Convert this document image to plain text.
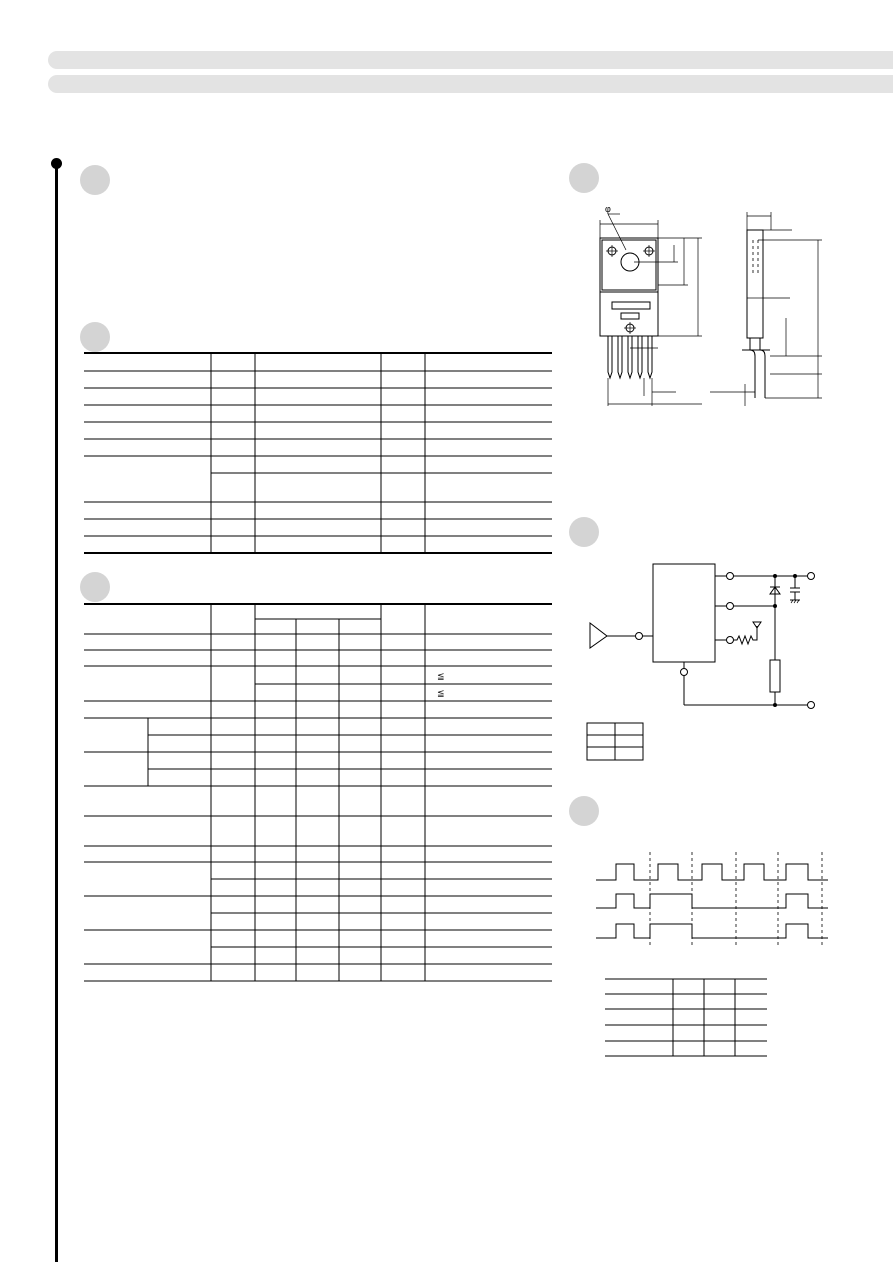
≦
≦
φ
